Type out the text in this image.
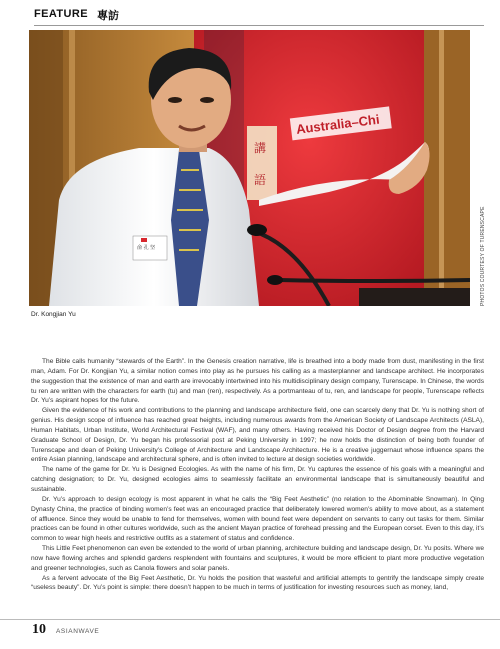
FEATURE 專訪
Australia–Chi
講
語
俞 孔 坚	PHOTOS COURTESY OF TURENSCAPE
Dr. Kongjian Yu

The Bible calls humanity “stewards of the Earth”. In the Genesis creation narrative, life is breathed into a body made from dust, manifesting in the first man, Adam. For Dr. Kongjian Yu, a similar notion comes into play as he pursues his calling as a masterplanner and landscape architect. He incorporates the suggestion that the existence of man and earth are irrevocably intertwined into his multidisciplinary design company, Turenscape. In Chinese, the words tu ren are written with the characters for earth (tu) and man (ren), respectively. As a portmanteau of tu, ren, and landscape for people, Turenscape reflects Dr. Yu’s aspirant hopes for the future.

Given the evidence of his work and contributions to the planning and landscape architecture field, one can scarcely deny that Dr. Yu is nothing short of genius. His design scope of influence has reached great heights, including numerous awards from the American Society of Landscape Architects (ASLA), Human Habitats, Urban Institute, World Architectural Festival (WAF), and many others. Having received his Doctor of Design degree from the Harvard Graduate School of Design, Dr. Yu began his professorial post at Peking University in 1997; he now holds the distinction of being both founder of Turenscape and dean of Peking University’s College of Architecture and Landscape Architecture. He is a creative juggernaut whose influence spans the entire Asian planning, landscape and architectural sphere, and is often invited to lecture at design societies worldwide.

The name of the game for Dr. Yu is Designed Ecologies. As with the name of his firm, Dr. Yu captures the essence of his goals with a meaningful and catching designation; to Dr. Yu, designed ecologies aims to seamlessly facilitate an environmental landscape that is simultaneously beautiful and sustainable.

Dr. Yu’s approach to design ecology is most apparent in what he calls the “Big Feet Aesthetic” (no relation to the Abominable Snowman). In Qing Dynasty China, the practice of binding women’s feet was an encouraged practice that deliberately lowered women’s ability to move about, as a statement of affluence. Since they would be unable to fend for themselves, women with bound feet were dependent on servants to carry out tasks for them. Similar practices can be found in other cultures worldwide, such as the ancient Mayan practice of forehead pressing and the European corset. Even to this day, it’s common to wear high heels and restrictive outfits as a statement of status and confidence.

This Little Feet phenomenon can even be extended to the world of urban planning, architecture building and landscape design, Dr. Yu posits. Where we now have flowing arches and splendid gardens resplendent with fountains and sculptures, it would be more efficient to plant more productive vegetation and greener technologies, such as Canola flowers and solar panels.

As a fervent advocate of the Big Feet Aesthetic, Dr. Yu holds the position that wasteful and artificial attempts to gentrify the landscape simply create “useless beauty”. Dr. Yu’s point is simple: there doesn’t happen to be much in terms of justification for investing resources such as money, land,

10 ASIANWAVE
